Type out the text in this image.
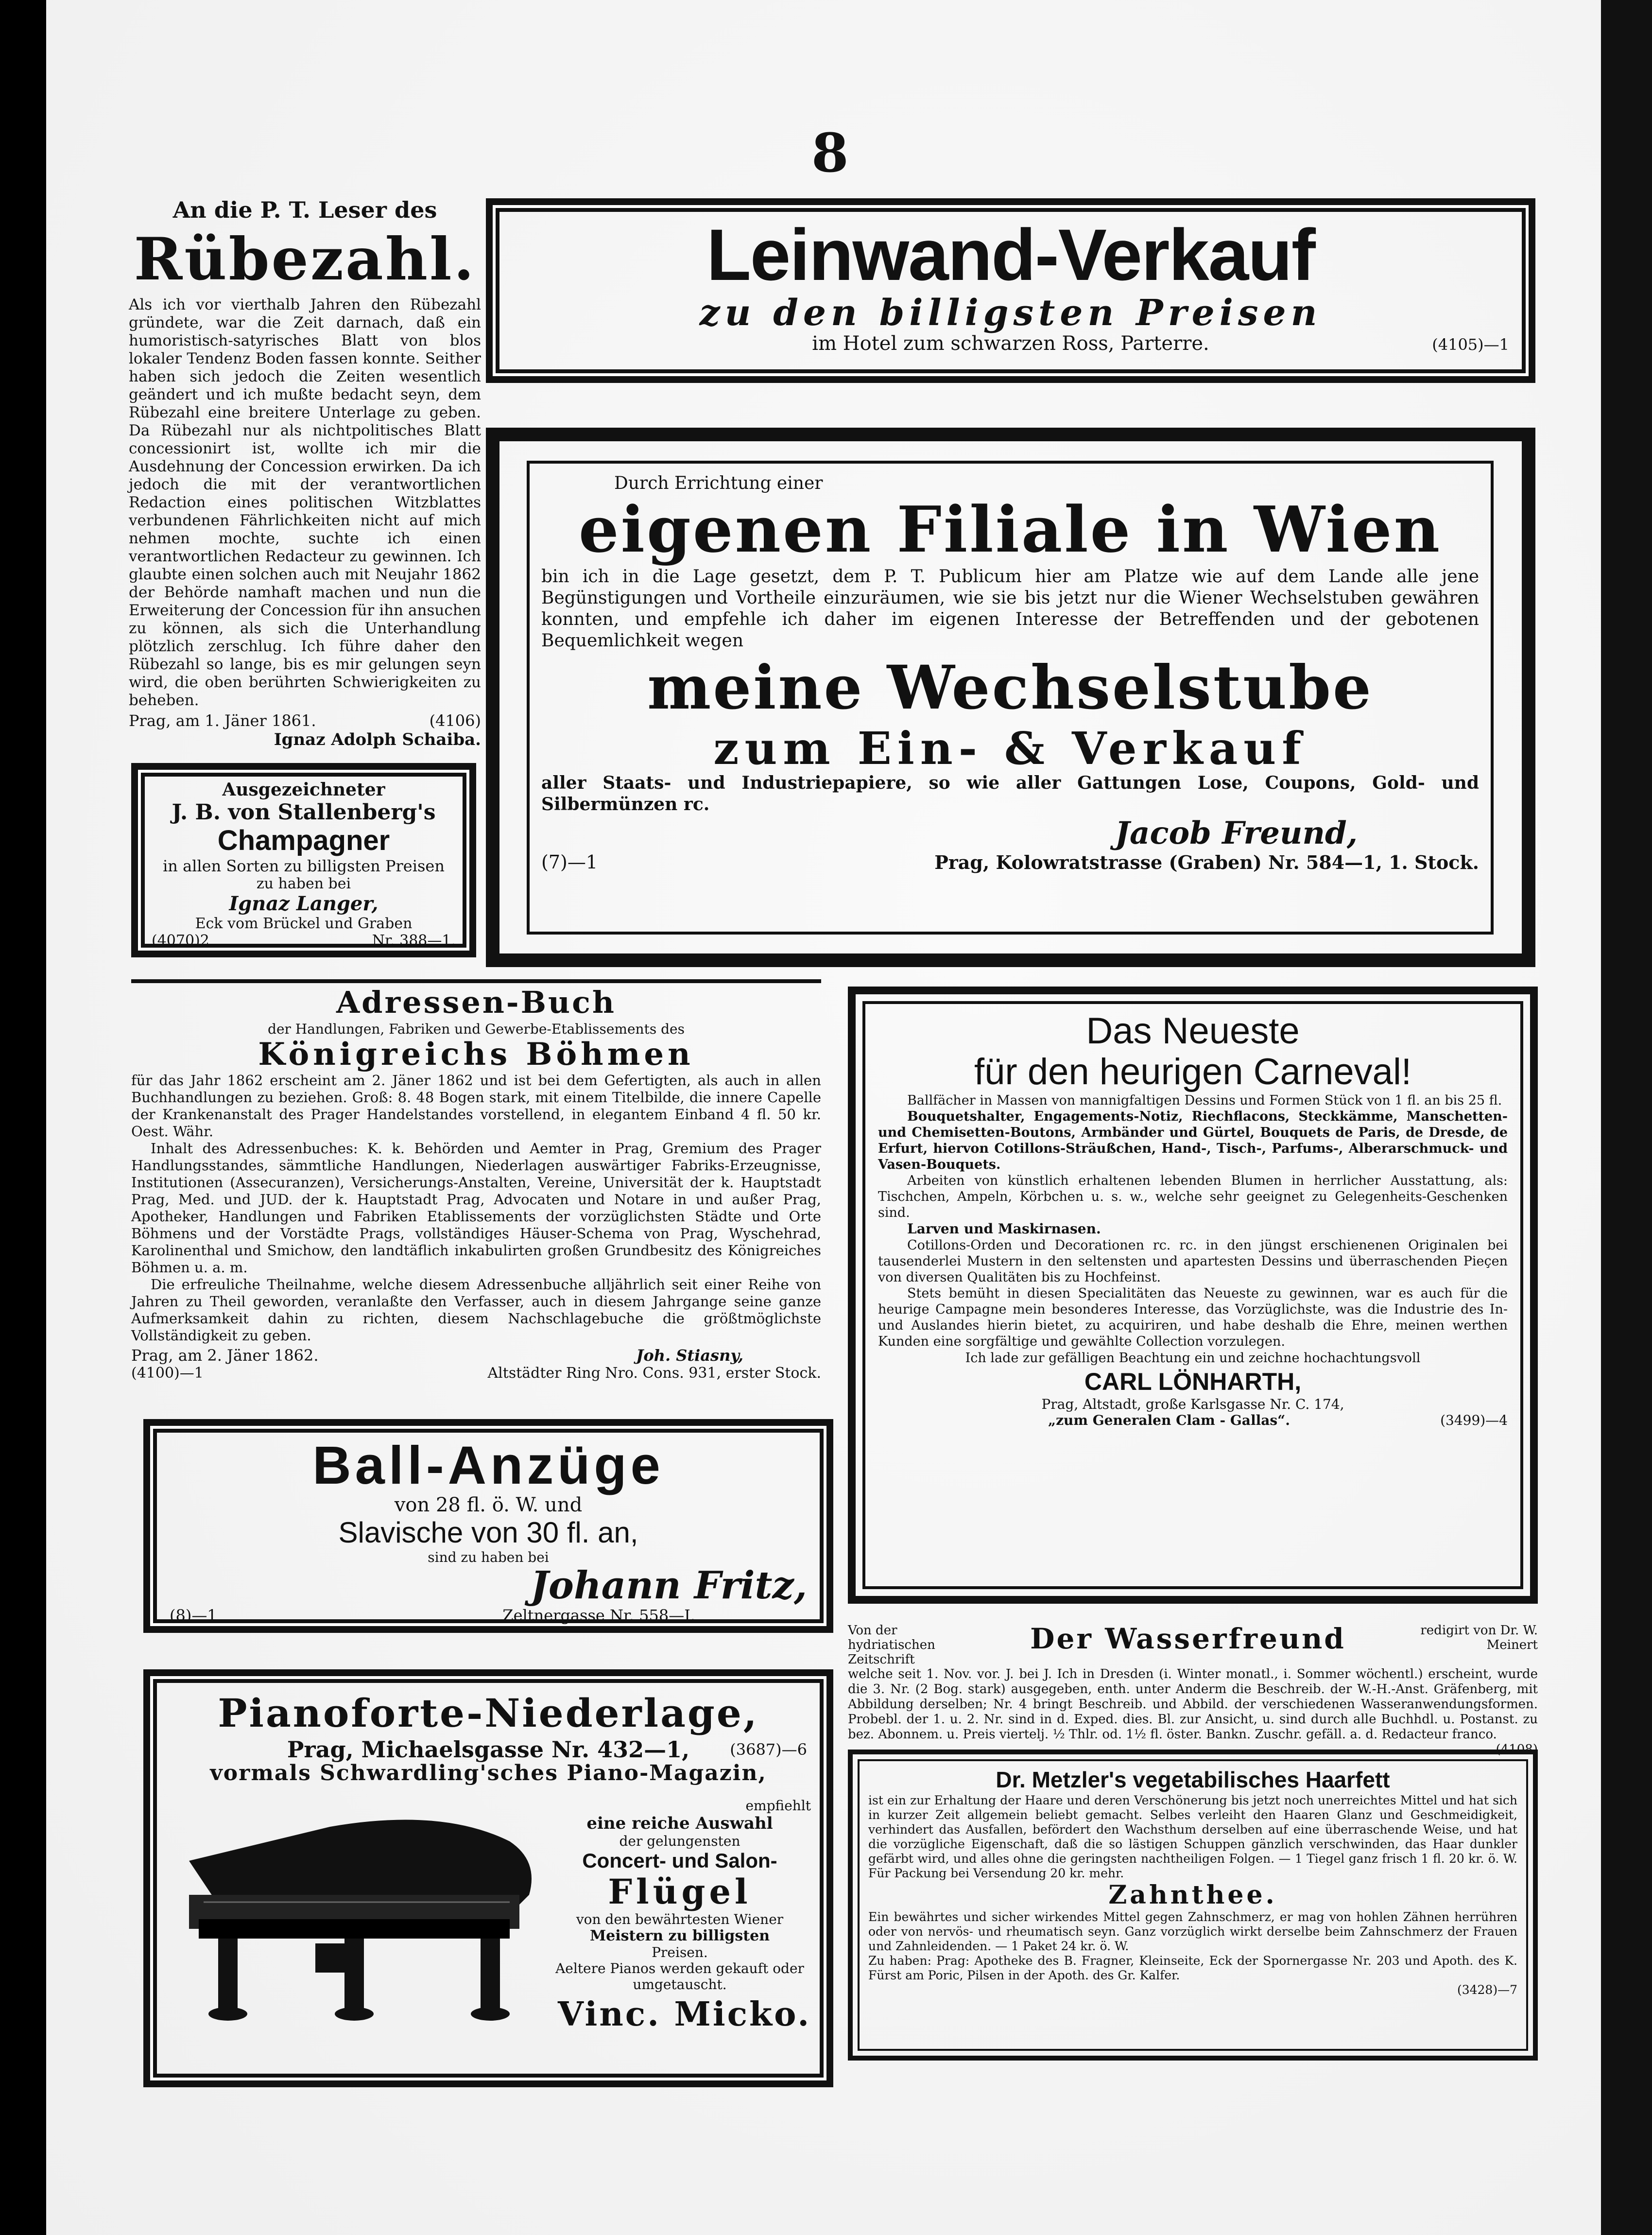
8
An die P. T. Leser des
Rübezahl.
Als ich vor vierthalb Jahren den Rübezahl gründete, war die Zeit darnach, daß ein humoristisch-satyrisches Blatt von blos lokaler Tendenz Boden fassen konnte. Seither haben sich jedoch die Zeiten wesentlich geändert und ich mußte bedacht seyn, dem Rübezahl eine breitere Unterlage zu geben. Da Rübezahl nur als nichtpolitisches Blatt concessionirt ist, wollte ich mir die Ausdehnung der Concession erwirken. Da ich jedoch die mit der verantwortlichen Redaction eines politischen Witzblattes verbundenen Fährlichkeiten nicht auf mich nehmen mochte, suchte ich einen verantwortlichen Redacteur zu gewinnen. Ich glaubte einen solchen auch mit Neujahr 1862 der Behörde namhaft machen und nun die Erweiterung der Concession für ihn ansuchen zu können, als sich die Unterhandlung plötzlich zerschlug. Ich führe daher den Rübezahl so lange, bis es mir gelungen seyn wird, die oben berührten Schwierigkeiten zu beheben.
Prag, am 1. Jäner 1861.	(4106)
Ignaz Adolph Schaiba.
Ausgezeichneter
J. B. von Stallenberg's
Champagner
in allen Sorten zu billigsten Preisen
zu haben bei
Ignaz Langer,
Eck vom Brückel und Graben
(4070)2	Nr. 388—1.
Leinwand-Verkauf
zu den billigsten Preisen
im Hotel zum schwarzen Ross, Parterre.	(4105)—1
Durch Errichtung einer
eigenen Filiale in Wien
bin ich in die Lage gesetzt, dem P. T. Publicum hier am Platze wie auf dem Lande alle jene Begünstigungen und Vortheile einzuräumen, wie sie bis jetzt nur die Wiener Wechselstuben gewähren konnten, und empfehle ich daher im eigenen Interesse der Betreffenden und der gebotenen Bequemlichkeit wegen
meine Wechselstube
zum Ein- & Verkauf
aller Staats- und Industriepapiere, so wie aller Gattungen Lose, Coupons, Gold- und Silbermünzen rc.
Jacob Freund,
(7)—1	Prag, Kolowratstrasse (Graben) Nr. 584—1, 1. Stock.
Adressen-Buch
der Handlungen, Fabriken und Gewerbe-Etablissements des
Königreichs Böhmen
für das Jahr 1862 erscheint am 2. Jäner 1862 und ist bei dem Gefertigten, als auch in allen Buchhandlungen zu beziehen. Groß: 8. 48 Bogen stark, mit einem Titelbilde, die innere Capelle der Krankenanstalt des Prager Handelstandes vorstellend, in elegantem Einband 4 fl. 50 kr. Oest. Währ.
Inhalt des Adressenbuches: K. k. Behörden und Aemter in Prag, Gremium des Prager Handlungsstandes, sämmtliche Handlungen, Niederlagen auswärtiger Fabriks-Erzeugnisse, Institutionen (Assecuranzen), Versicherungs-Anstalten, Vereine, Universität der k. Hauptstadt Prag, Med. und JUD. der k. Hauptstadt Prag, Advocaten und Notare in und außer Prag, Apotheker, Handlungen und Fabriken Etablissements der vorzüglichsten Städte und Orte Böhmens und der Vorstädte Prags, vollständiges Häuser-Schema von Prag, Wyschehrad, Karolinenthal und Smichow, den landtäflich inkabulirten großen Grundbesitz des Königreiches Böhmen u. a. m.
Die erfreuliche Theilnahme, welche diesem Adressenbuche alljährlich seit einer Reihe von Jahren zu Theil geworden, veranlaßte den Verfasser, auch in diesem Jahrgange seine ganze Aufmerksamkeit dahin zu richten, diesem Nachschlagebuche die größtmöglichste Vollständigkeit zu geben.
Prag, am 2. Jäner 1862.	Joh. Stiasny,
(4100)—1	Altstädter Ring Nro. Cons. 931, erster Stock.
Ball-Anzüge
von 28 fl. ö. W. und
Slavische von 30 fl. an,
sind zu haben bei
Johann Fritz,
(8)—1	Zeltnergasse Nr. 558—I.
Pianoforte-Niederlage,
Prag, Michaelsgasse Nr. 432—1,	(3687)—6
vormals Schwardling'sches Piano-Magazin,
empfiehlt
eine reiche Auswahl
der gelungensten
Concert- und Salon-
Flügel
von den bewährtesten Wiener
Meistern zu billigsten
Preisen.
Aeltere Pianos werden gekauft oder umgetauscht.
Vinc. Micko.
Das Neueste
für den heurigen Carneval!
Ballfächer in Massen von mannigfaltigen Dessins und Formen Stück von 1 fl. an bis 25 fl.
Bouquetshalter, Engagements-Notiz, Riechflacons, Steckkämme, Manschetten- und Chemisetten-Boutons, Armbänder und Gürtel, Bouquets de Paris, de Dresde, de Erfurt, hiervon Cotillons-Sträußchen, Hand-, Tisch-, Parfums-, Alberarschmuck- und Vasen-Bouquets.
Arbeiten von künstlich erhaltenen lebenden Blumen in herrlicher Ausstattung, als: Tischchen, Ampeln, Körbchen u. s. w., welche sehr geeignet zu Gelegenheits-Geschenken sind.
Larven und Maskirnasen.
Cotillons-Orden und Decorationen rc. rc. in den jüngst erschienenen Originalen bei tausenderlei Mustern in den seltensten und apartesten Dessins und überraschenden Pieçen von diversen Qualitäten bis zu Hochfeinst.
Stets bemüht in diesen Specialitäten das Neueste zu gewinnen, war es auch für die heurige Campagne mein besonderes Interesse, das Vorzüglichste, was die Industrie des In- und Auslandes hierin bietet, zu acquiriren, und habe deshalb die Ehre, meinen werthen Kunden eine sorgfältige und gewählte Collection vorzulegen.
Ich lade zur gefälligen Beachtung ein und zeichne hochachtungsvoll
CARL LÖNHARTH,
Prag, Altstadt, große Karlsgasse Nr. C. 174,
„zum Generalen Clam - Gallas“.	(3499)—4
Von der hydriatischen Zeitschrift
Der Wasserfreund	redigirt von Dr. W. Meinert
welche seit 1. Nov. vor. J. bei J. Ich in Dresden (i. Winter monatl., i. Sommer wöchentl.) erscheint, wurde die 3. Nr. (2 Bog. stark) ausgegeben, enth. unter Anderm die Beschreib. der W.-H.-Anst. Gräfenberg, mit Abbildung derselben; Nr. 4 bringt Beschreib. und Abbild. der verschiedenen Wasseranwendungsformen. Probebl. der 1. u. 2. Nr. sind in d. Exped. dies. Bl. zur Ansicht, u. sind durch alle Buchhdl. u. Postanst. zu bez. Abonnem. u. Preis viertelj. ½ Thlr. od. 1½ fl. öster. Bankn. Zuschr. gefäll. a. d. Redacteur franco.
(4108)
Dr. Metzler's vegetabilisches Haarfett
ist ein zur Erhaltung der Haare und deren Verschönerung bis jetzt noch unerreichtes Mittel und hat sich in kurzer Zeit allgemein beliebt gemacht. Selbes verleiht den Haaren Glanz und Geschmeidigkeit, verhindert das Ausfallen, befördert den Wachsthum derselben auf eine überraschende Weise, und hat die vorzügliche Eigenschaft, daß die so lästigen Schuppen gänzlich verschwinden, das Haar dunkler gefärbt wird, und alles ohne die geringsten nachtheiligen Folgen. — 1 Tiegel ganz frisch 1 fl. 20 kr. ö. W. Für Packung bei Versendung 20 kr. mehr.
Zahnthee.
Ein bewährtes und sicher wirkendes Mittel gegen Zahnschmerz, er mag von hohlen Zähnen herrühren oder von nervös- und rheumatisch seyn. Ganz vorzüglich wirkt derselbe beim Zahnschmerz der Frauen und Zahnleidenden. — 1 Paket 24 kr. ö. W.
Zu haben: Prag: Apotheke des B. Fragner, Kleinseite, Eck der Spornergasse Nr. 203 und Apoth. des K. Fürst am Poric, Pilsen in der Apoth. des Gr. Kalfer.
(3428)—7
